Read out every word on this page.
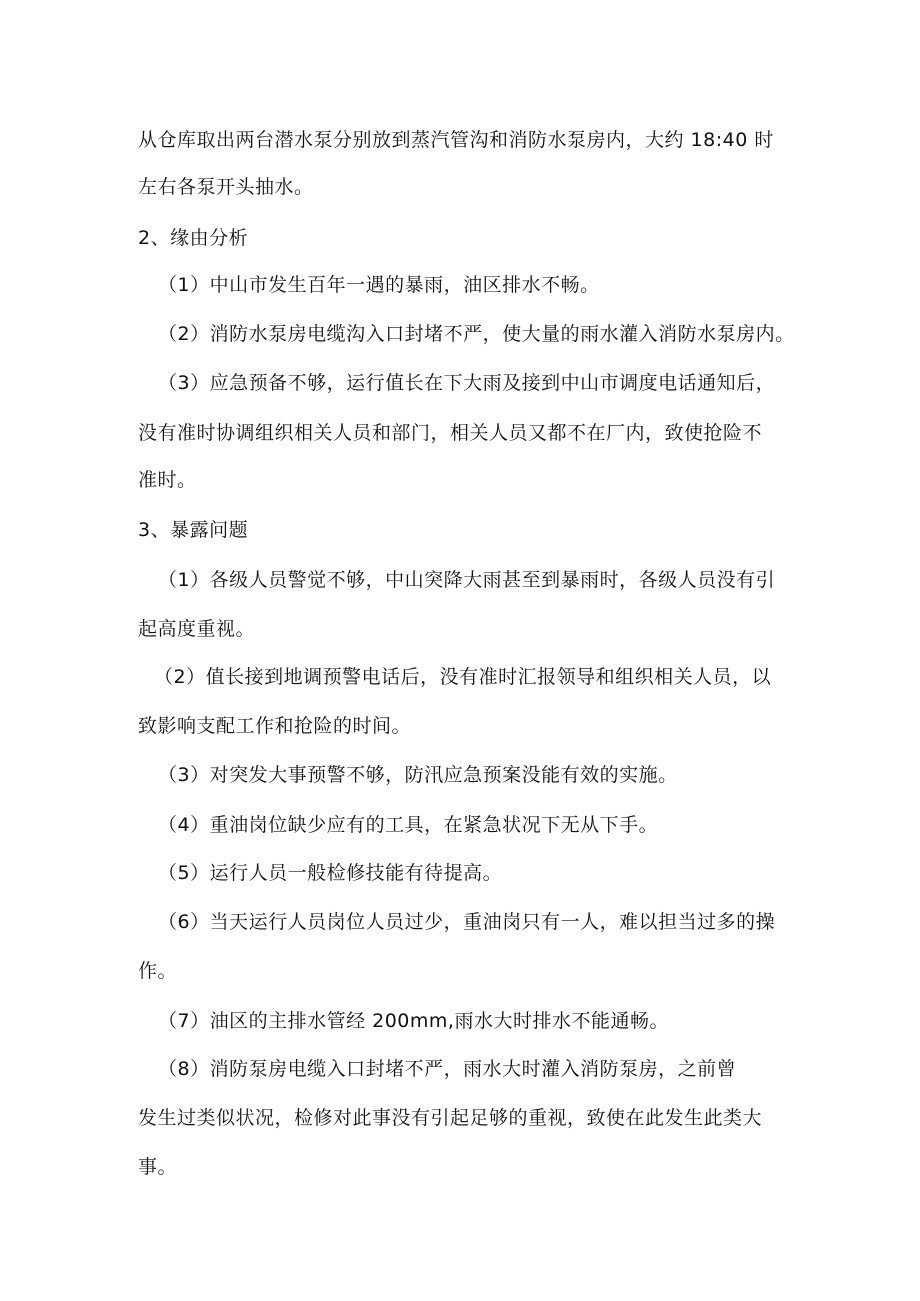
从仓库取出两台潜水泵分别放到蒸汽管沟和消防水泵房内，大约 18:40 时
左右各泵开头抽水。
2、缘由分析
（1）中山市发生百年一遇的暴雨，油区排水不畅。
（2）消防水泵房电缆沟入口封堵不严，使大量的雨水灌入消防水泵房内。
（3）应急预备不够，运行值长在下大雨及接到中山市调度电话通知后，
没有准时协调组织相关人员和部门，相关人员又都不在厂内，致使抢险不
准时。
3、暴露问题
（1）各级人员警觉不够，中山突降大雨甚至到暴雨时，各级人员没有引
起高度重视。
（2）值长接到地调预警电话后，没有准时汇报领导和组织相关人员，以
致影响支配工作和抢险的时间。
（3）对突发大事预警不够，防汛应急预案没能有效的实施。
（4）重油岗位缺少应有的工具，在紧急状况下无从下手。
（5）运行人员一般检修技能有待提高。
（6）当天运行人员岗位人员过少，重油岗只有一人，难以担当过多的操
作。
（7）油区的主排水管经 200mm,雨水大时排水不能通畅。
（8）消防泵房电缆入口封堵不严，雨水大时灌入消防泵房，之前曾
发生过类似状况，检修对此事没有引起足够的重视，致使在此发生此类大
事。
